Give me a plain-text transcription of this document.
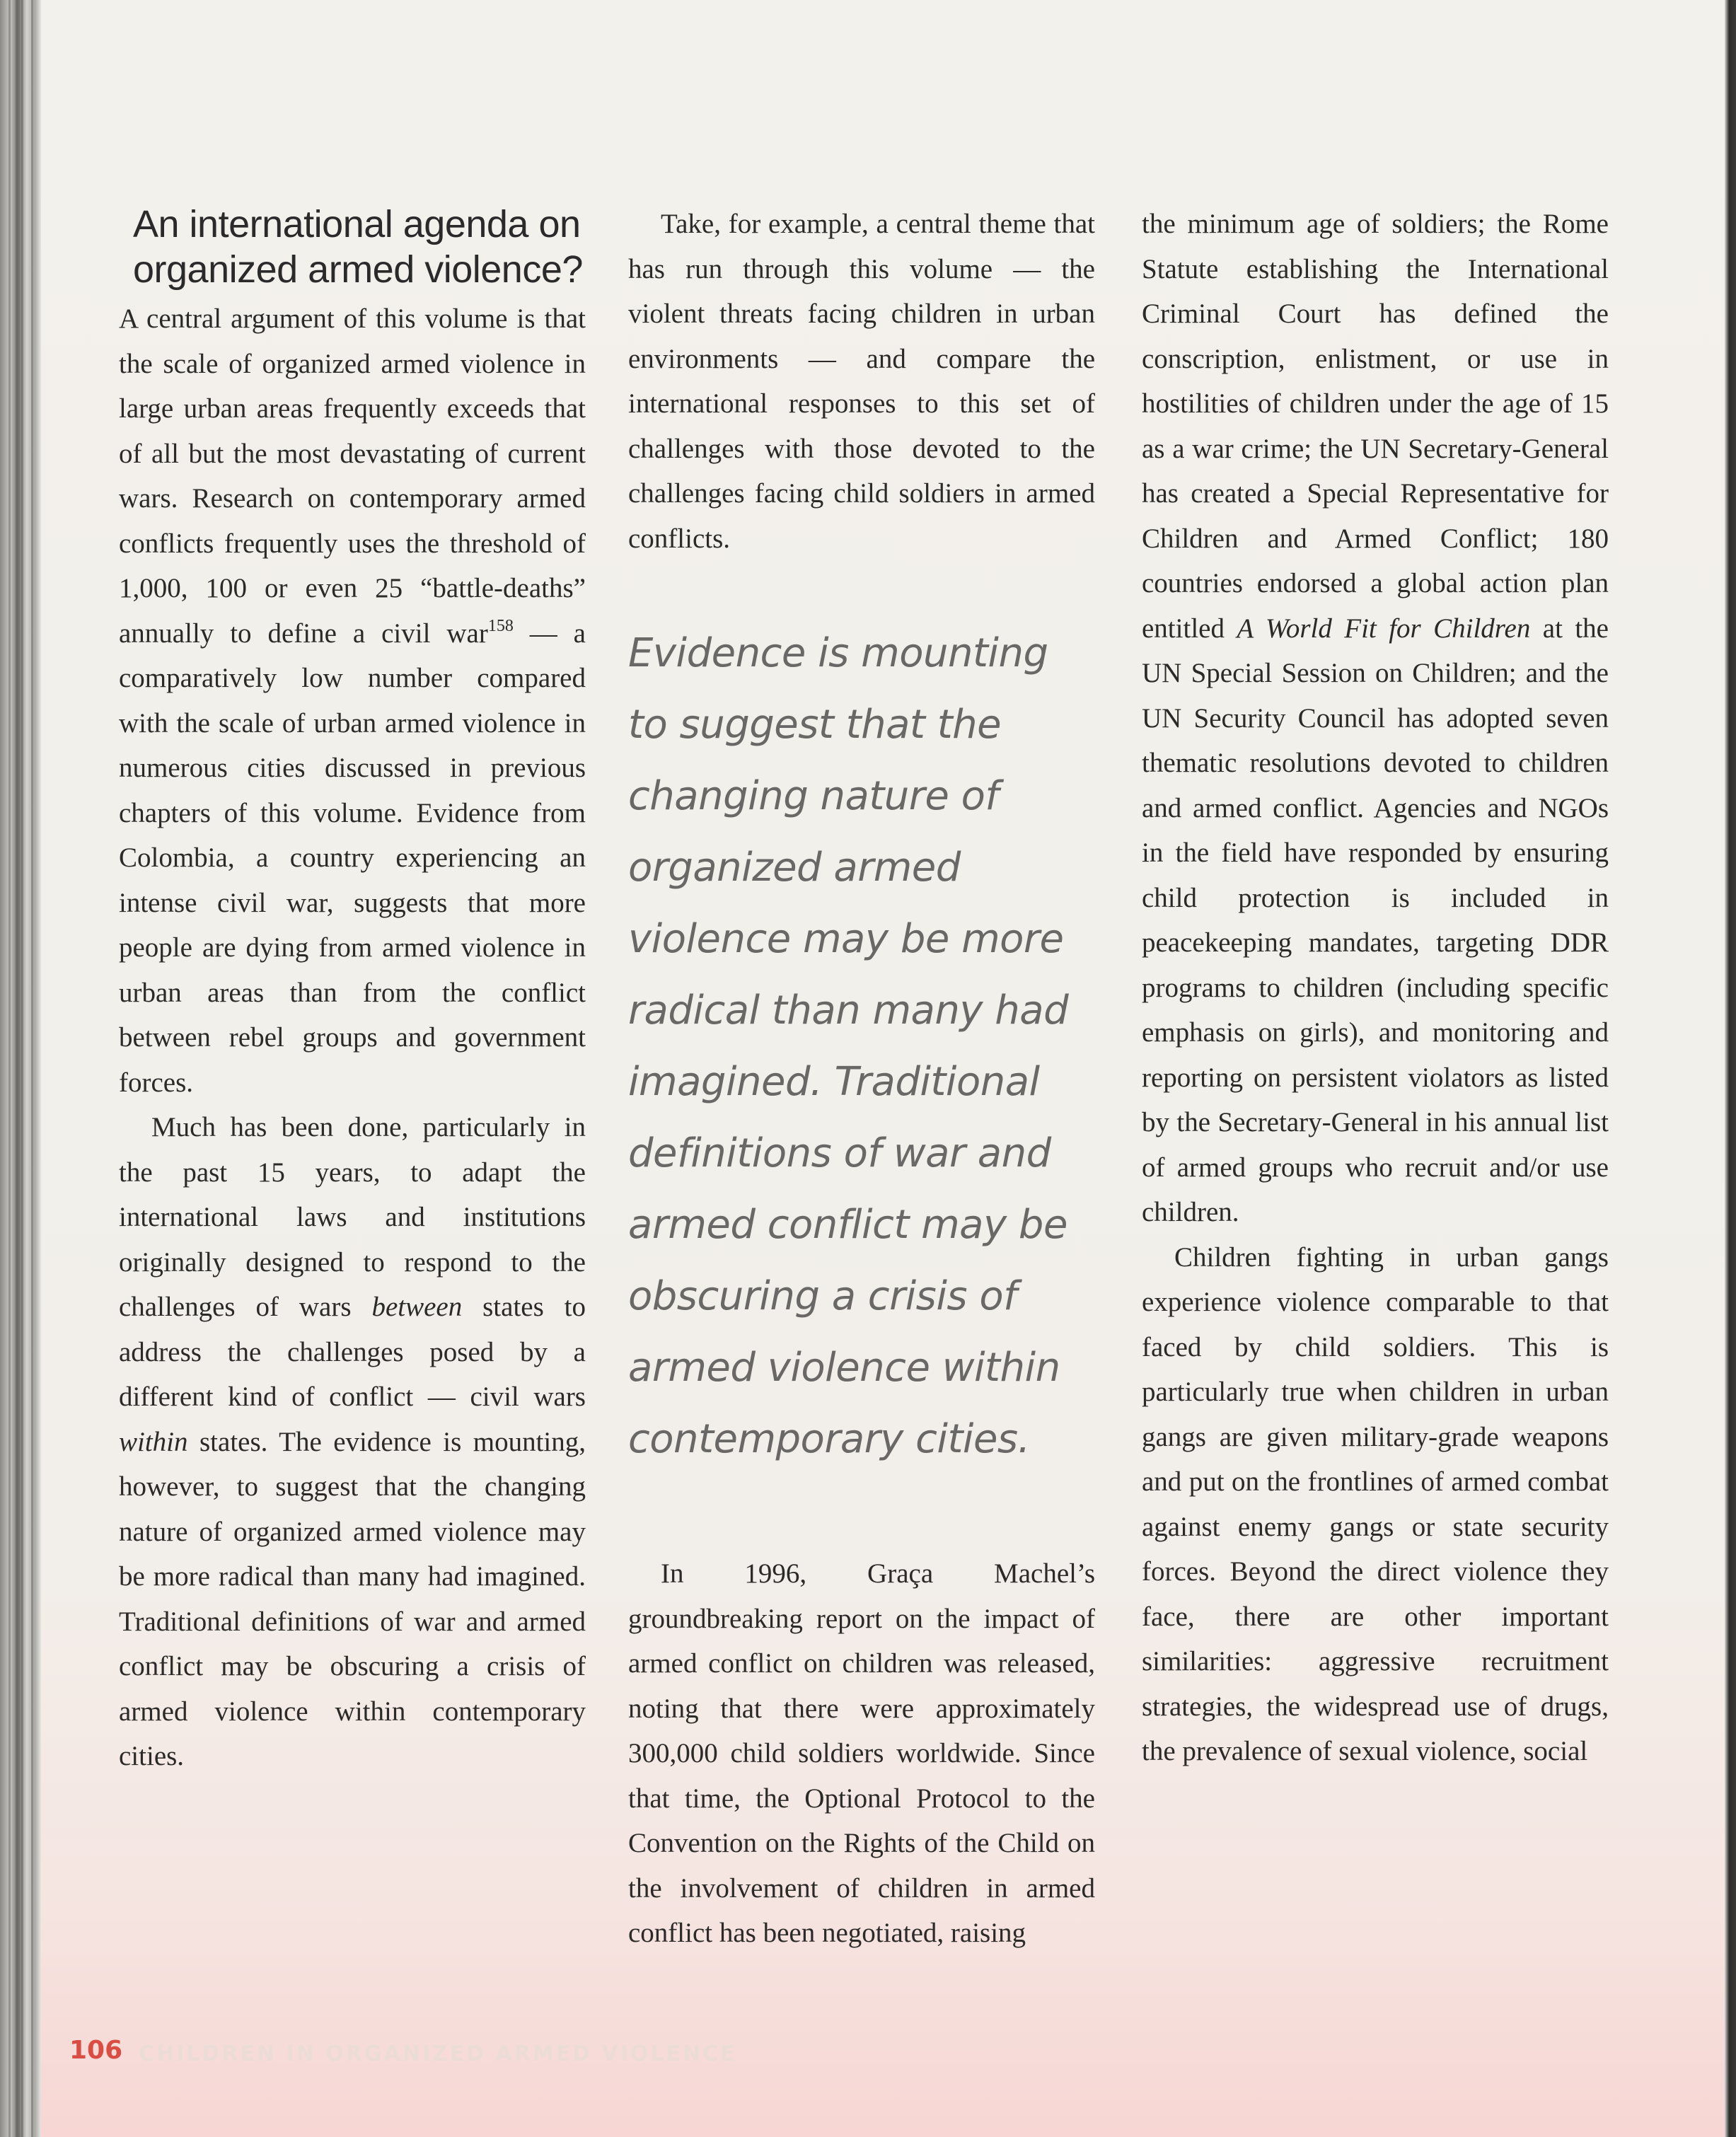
An international agenda on organized armed violence?

A central argument of this volume is that the scale of organized armed violence in large urban areas frequently exceeds that of all but the most devastating of current wars. Research on contemporary armed conflicts frequently uses the threshold of 1,000, 100 or even 25 “battle-deaths” annually to define a civil war$^{158}$ — a comparatively low number compared with the scale of urban armed violence in numerous cities discussed in previous chapters of this volume. Evidence from Colombia, a country experiencing an intense civil war, suggests that more people are dying from armed violence in urban areas than from the conflict between rebel groups and government forces.

Much has been done, particularly in the past 15 years, to adapt the international laws and institutions originally designed to respond to the challenges of wars between states to address the challenges posed by a different kind of conflict — civil wars within states. The evidence is mounting, however, to suggest that the changing nature of organized armed violence may be more radical than many had imagined. Traditional definitions of war and armed conflict may be obscuring a crisis of armed violence within contemporary cities.

Take, for example, a central theme that has run through this volume — the violent threats facing children in urban environments — and compare the international responses to this set of challenges with those devoted to the challenges facing child soldiers in armed conflicts.

Evidence is mounting to suggest that the changing nature of organized armed violence may be more radical than many had imagined. Traditional definitions of war and armed conflict may be obscuring a crisis of armed violence within contemporary cities.

In 1996, Graça Machel’s groundbreaking report on the impact of armed conflict on children was released, noting that there were approximately 300,000 child soldiers worldwide. Since that time, the Optional Protocol to the Convention on the Rights of the Child on the involvement of children in armed conflict has been negotiated, raising

the minimum age of soldiers; the Rome Statute establishing the International Criminal Court has defined the conscription, enlistment, or use in hostilities of children under the age of 15 as a war crime; the UN Secretary-General has created a Special Representative for Children and Armed Conflict; 180 countries endorsed a global action plan entitled A World Fit for Children at the UN Special Session on Children; and the UN Security Council has adopted seven thematic resolutions devoted to children and armed conflict. Agencies and NGOs in the field have responded by ensuring child protection is included in peacekeeping mandates, targeting DDR programs to children (including specific emphasis on girls), and monitoring and reporting on persistent violators as listed by the Secretary-General in his annual list of armed groups who recruit and/or use children.

Children fighting in urban gangs experience violence comparable to that faced by child soldiers. This is particularly true when children in urban gangs are given military-grade weapons and put on the frontlines of armed combat against enemy gangs or state security forces. Beyond the direct violence they face, there are other important similarities: aggressive recruitment strategies, the widespread use of drugs, the prevalence of sexual violence, social

106 CHILDREN IN ORGANIZED ARMED VIOLENCE
